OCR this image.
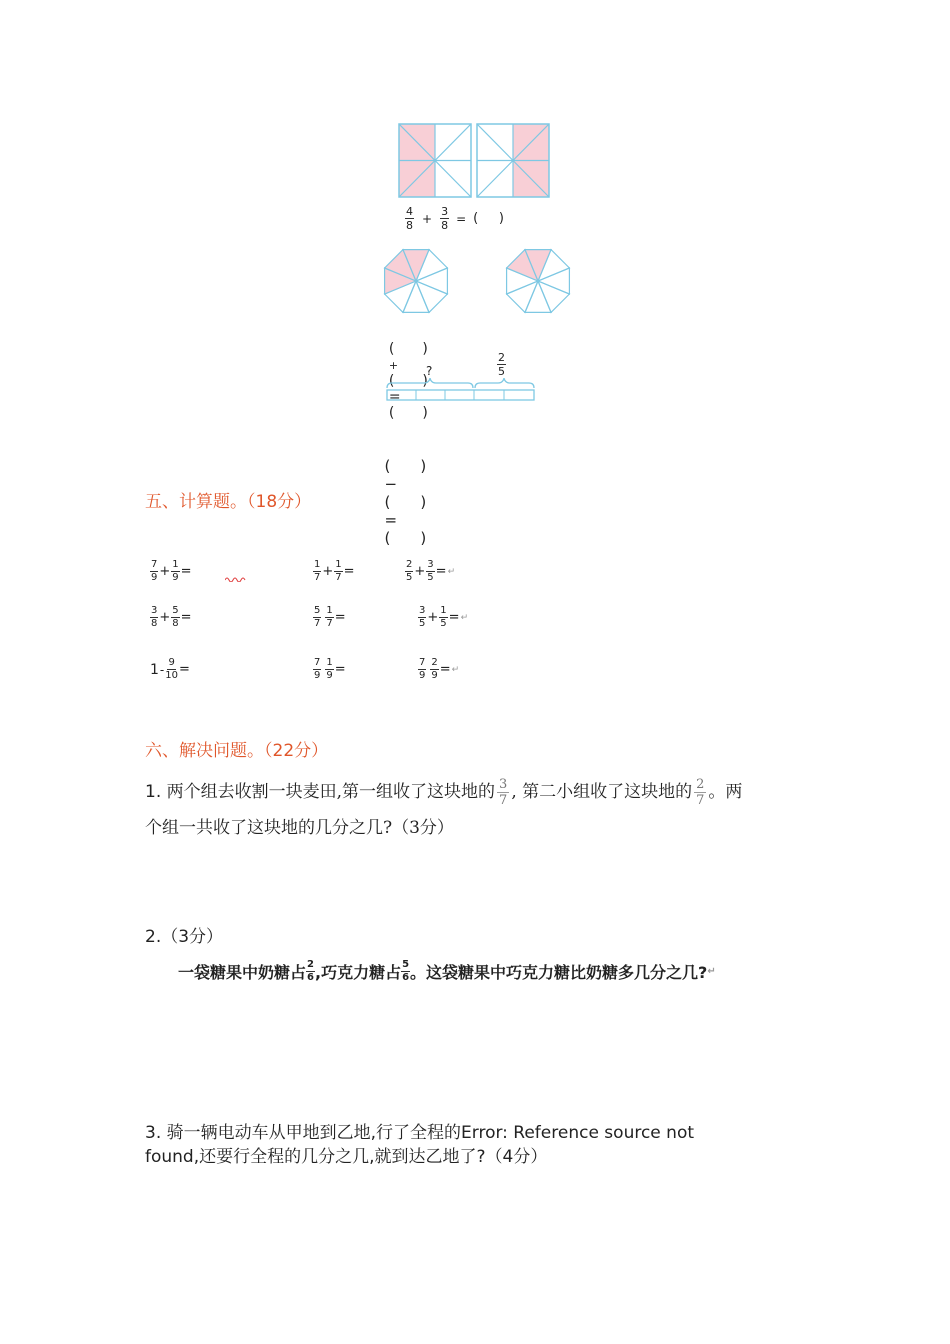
$\frac{4}{8} + \frac{3}{8}$ = (     )

( )
+
( )
=
( )

$\frac{2}{5}$
?

( )
−
( )
=
( )

五、计算题。（18分）
$\frac{7}{9} + \frac{1}{9}$ =	$\frac{1}{7} + \frac{1}{7}$ =	$\frac{2}{5} + \frac{3}{5}$ = ↵
$\frac{3}{8} + \frac{5}{8}$ =	$\frac{5}{7} \frac{1}{7}$ =	$\frac{3}{5} + \frac{1}{5}$ = ↵
$1 - \frac{9}{10}$ =	$\frac{7}{9} \frac{1}{9}$ =	$\frac{7}{9} \frac{2}{9}$ = ↵
六、解决问题。（22分）
1. 两个组去收割一块麦田,第一组收了这块地的 $\frac{3}{7}$ , 第二小组收了这块地的 $\frac{2}{7}$ 。两
个组一共收了这块地的几分之几?（3分）
2.（3分）
一袋糖果中奶糖占 $\frac{2}{6}$ ,巧克力糖占 $\frac{5}{6}$ 。这袋糖果中巧克力糖比奶糖多几分之几? ↵
3. 骑一辆电动车从甲地到乙地,行了全程的Error: Reference source not
found,还要行全程的几分之几,就到达乙地了?（4分）
